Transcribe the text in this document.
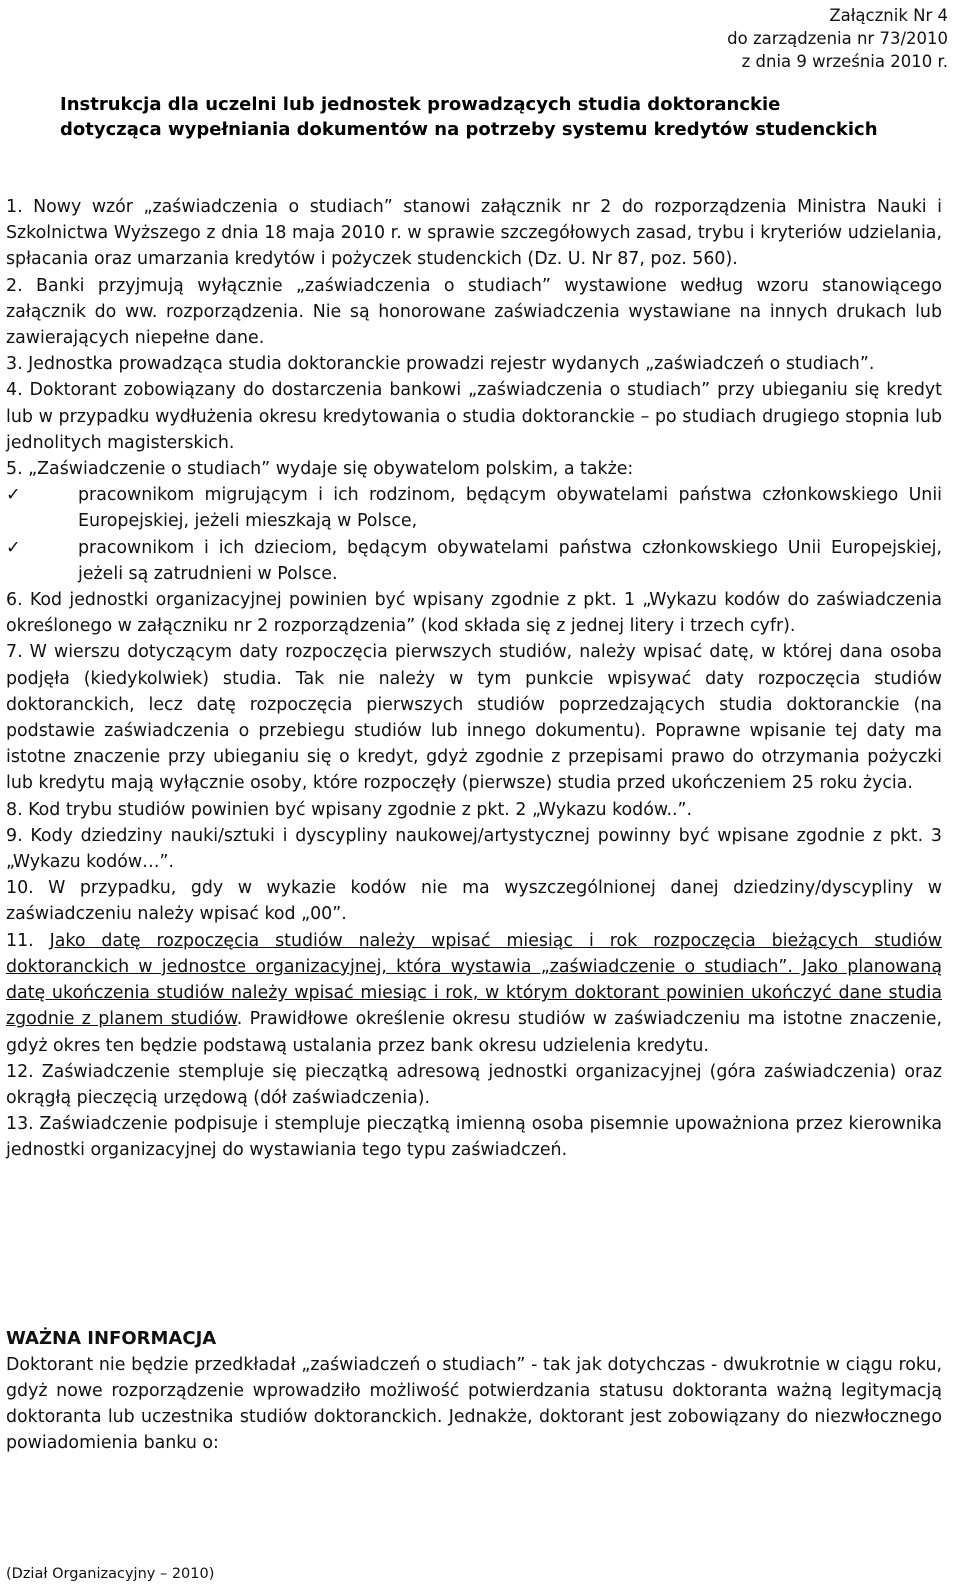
Załącznik Nr 4
do zarządzenia nr 73/2010
z dnia 9 września 2010 r.
Instrukcja dla uczelni lub jednostek prowadzących studia doktoranckie
dotycząca wypełniania dokumentów na potrzeby systemu kredytów studenckich

1. Nowy wzór „zaświadczenia o studiach” stanowi załącznik nr 2 do rozporządzenia Ministra Nauki i Szkolnictwa Wyższego z dnia 18 maja 2010 r. w sprawie szczegółowych zasad, trybu i kryteriów udzielania, spłacania oraz umarzania kredytów i pożyczek studenckich (Dz. U. Nr 87, poz. 560).

2. Banki przyjmują wyłącznie „zaświadczenia o studiach” wystawione według wzoru stanowiącego załącznik do ww. rozporządzenia. Nie są honorowane zaświadczenia wystawiane na innych drukach lub zawierających niepełne dane.

3. Jednostka prowadząca studia doktoranckie prowadzi rejestr wydanych „zaświadczeń o studiach”.

4. Doktorant zobowiązany do dostarczenia bankowi „zaświadczenia o studiach” przy ubieganiu się kredyt lub w przypadku wydłużenia okresu kredytowania o studia doktoranckie – po studiach drugiego stopnia lub jednolitych magisterskich.

5. „Zaświadczenie o studiach” wydaje się obywatelom polskim, a także:

✓	pracownikom migrującym i ich rodzinom, będącym obywatelami państwa członkowskiego Unii Europejskiej, jeżeli mieszkają w Polsce,
✓	pracownikom i ich dzieciom, będącym obywatelami państwa członkowskiego Unii Europejskiej, jeżeli są zatrudnieni w Polsce.

6. Kod jednostki organizacyjnej powinien być wpisany zgodnie z pkt. 1 „Wykazu kodów do zaświadczenia określonego w załączniku nr 2 rozporządzenia” (kod składa się z jednej litery i trzech cyfr).

7. W wierszu dotyczącym daty rozpoczęcia pierwszych studiów, należy wpisać datę, w której dana osoba podjęła (kiedykolwiek) studia. Tak nie należy w tym punkcie wpisywać daty rozpoczęcia studiów doktoranckich, lecz datę rozpoczęcia pierwszych studiów poprzedzających studia doktoranckie (na podstawie zaświadczenia o przebiegu studiów lub innego dokumentu). Poprawne wpisanie tej daty ma istotne znaczenie przy ubieganiu się o kredyt, gdyż zgodnie z przepisami prawo do otrzymania pożyczki lub kredytu mają wyłącznie osoby, które rozpoczęły (pierwsze) studia przed ukończeniem 25 roku życia.

8. Kod trybu studiów powinien być wpisany zgodnie z pkt. 2 „Wykazu kodów..”.

9. Kody dziedziny nauki/sztuki i dyscypliny naukowej/artystycznej powinny być wpisane zgodnie z pkt. 3 „Wykazu kodów…”.

10. W przypadku, gdy w wykazie kodów nie ma wyszczególnionej danej dziedziny/dyscypliny w zaświadczeniu należy wpisać kod „00”.

11. Jako datę rozpoczęcia studiów należy wpisać miesiąc i rok rozpoczęcia bieżących studiów doktoranckich w jednostce organizacyjnej, która wystawia „zaświadczenie o studiach”. Jako planowaną datę ukończenia studiów należy wpisać miesiąc i rok, w którym doktorant powinien ukończyć dane studia zgodnie z planem studiów. Prawidłowe określenie okresu studiów w zaświadczeniu ma istotne znaczenie, gdyż okres ten będzie podstawą ustalania przez bank okresu udzielenia kredytu.

12. Zaświadczenie stempluje się pieczątką adresową jednostki organizacyjnej (góra zaświadczenia) oraz okrągłą pieczęcią urzędową (dół zaświadczenia).

13. Zaświadczenie podpisuje i stempluje pieczątką imienną osoba pisemnie upoważniona przez kierownika jednostki organizacyjnej do wystawiania tego typu zaświadczeń.

WAŻNA INFORMACJA

Doktorant nie będzie przedkładał „zaświadczeń o studiach” - tak jak dotychczas - dwukrotnie w ciągu roku, gdyż nowe rozporządzenie wprowadziło możliwość potwierdzania statusu doktoranta ważną legitymacją doktoranta lub uczestnika studiów doktoranckich. Jednakże, doktorant jest zobowiązany do niezwłocznego powiadomienia banku o:

(Dział Organizacyjny – 2010)
